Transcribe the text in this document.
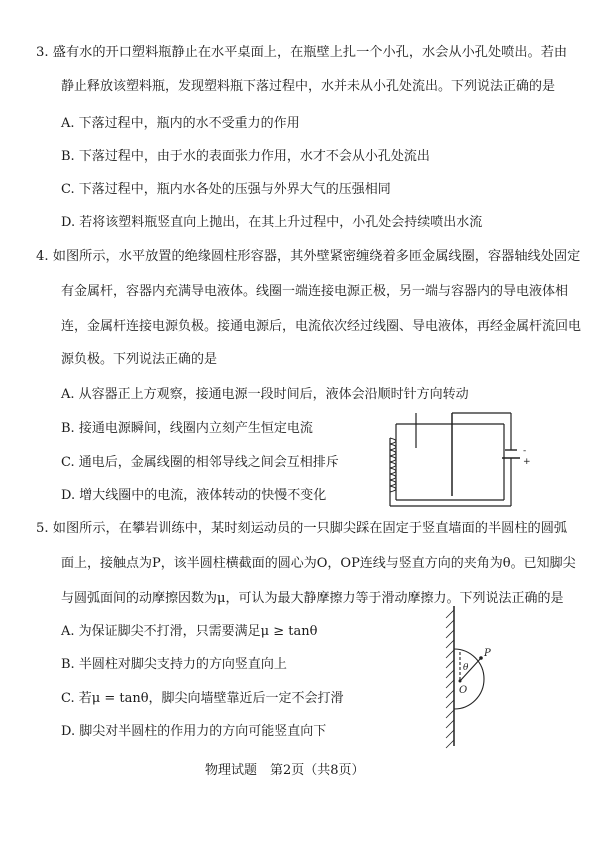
3. 盛有水的开口塑料瓶静止在水平桌面上，在瓶壁上扎一个小孔，水会从小孔处喷出。若由
静止释放该塑料瓶，发现塑料瓶下落过程中，水并未从小孔处流出。下列说法正确的是
A. 下落过程中，瓶内的水不受重力的作用
B. 下落过程中，由于水的表面张力作用，水才不会从小孔处流出
C. 下落过程中，瓶内水各处的压强与外界大气的压强相同
D. 若将该塑料瓶竖直向上抛出，在其上升过程中，小孔处会持续喷出水流
4. 如图所示，水平放置的绝缘圆柱形容器，其外壁紧密缠绕着多匝金属线圈，容器轴线处固定
有金属杆，容器内充满导电液体。线圈一端连接电源正极，另一端与容器内的导电液体相
连，金属杆连接电源负极。接通电源后，电流依次经过线圈、导电液体，再经金属杆流回电
源负极。下列说法正确的是
A. 从容器正上方观察，接通电源一段时间后，液体会沿顺时针方向转动
B. 接通电源瞬间，线圈内立刻产生恒定电流
C. 通电后，金属线圈的相邻导线之间会互相排斥
D. 增大线圈中的电流，液体转动的快慢不变化
-
+
5. 如图所示，在攀岩训练中，某时刻运动员的一只脚尖踩在固定于竖直墙面的半圆柱的圆弧
面上，接触点为P，该半圆柱横截面的圆心为O，OP连线与竖直方向的夹角为θ。已知脚尖
与圆弧面间的动摩擦因数为μ，可认为最大静摩擦力等于滑动摩擦力。下列说法正确的是
A. 为保证脚尖不打滑，只需要满足μ ≥ tanθ
B. 半圆柱对脚尖支持力的方向竖直向上
C. 若μ = tanθ，脚尖向墙壁靠近后一定不会打滑
D. 脚尖对半圆柱的作用力的方向可能竖直向下
P
θ
O
物理试题　第2页（共8页）
